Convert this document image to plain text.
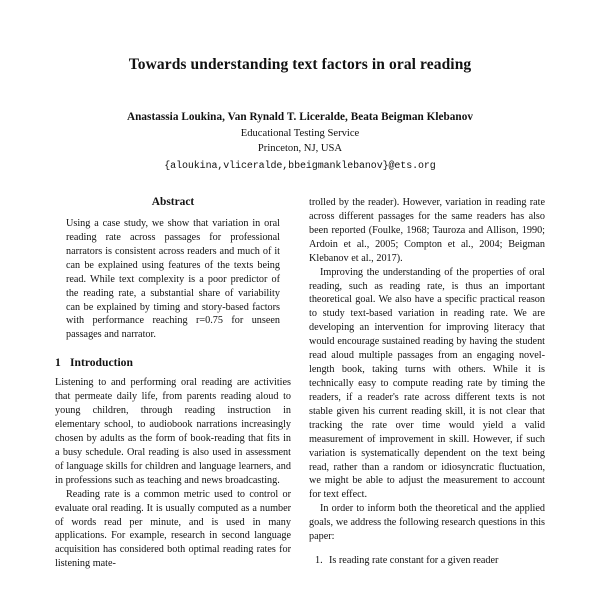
Towards understanding text factors in oral reading
Anastassia Loukina, Van Rynald T. Liceralde, Beata Beigman Klebanov
Educational Testing Service
Princeton, NJ, USA
{aloukina,vliceralde,bbeigmanklebanov}@ets.org
Abstract

Using a case study, we show that variation in oral reading rate across passages for professional narrators is consistent across readers and much of it can be explained using features of the texts being read. While text complexity is a poor predictor of the reading rate, a substantial share of variability can be explained by timing and story-based factors with performance reaching r=0.75 for unseen passages and narrator.

1 Introduction

Listening to and performing oral reading are activities that permeate daily life, from parents reading aloud to young children, through reading instruction in elementary school, to audiobook narrations increasingly chosen by adults as the form of book-reading that fits in a busy schedule. Oral reading is also used in assessment of language skills for children and language learners, and in professions such as teaching and news broadcasting.

Reading rate is a common metric used to control or evaluate oral reading. It is usually computed as a number of words read per minute, and is used in many applications. For example, research in second language acquisition has considered both optimal reading rates for listening mate-

trolled by the reader). However, variation in reading rate across different passages for the same readers has also been reported (Foulke, 1968; Tauroza and Allison, 1990; Ardoin et al., 2005; Compton et al., 2004; Beigman Klebanov et al., 2017).

Improving the understanding of the properties of oral reading, such as reading rate, is thus an important theoretical goal. We also have a specific practical reason to study text-based variation in reading rate. We are developing an intervention for improving literacy that would encourage sustained reading by having the student read aloud multiple passages from an engaging novel-length book, taking turns with others. While it is technically easy to compute reading rate by timing the readers, if a reader's rate across different texts is not stable given his current reading skill, it is not clear that tracking the rate over time would yield a valid measurement of improvement in skill. However, if such variation is systematically dependent on the text being read, rather than a random or idiosyncratic fluctuation, we might be able to adjust the measurement to account for text effect.

In order to inform both the theoretical and the applied goals, we address the following research questions in this paper:

1. Is reading rate constant for a given reader
